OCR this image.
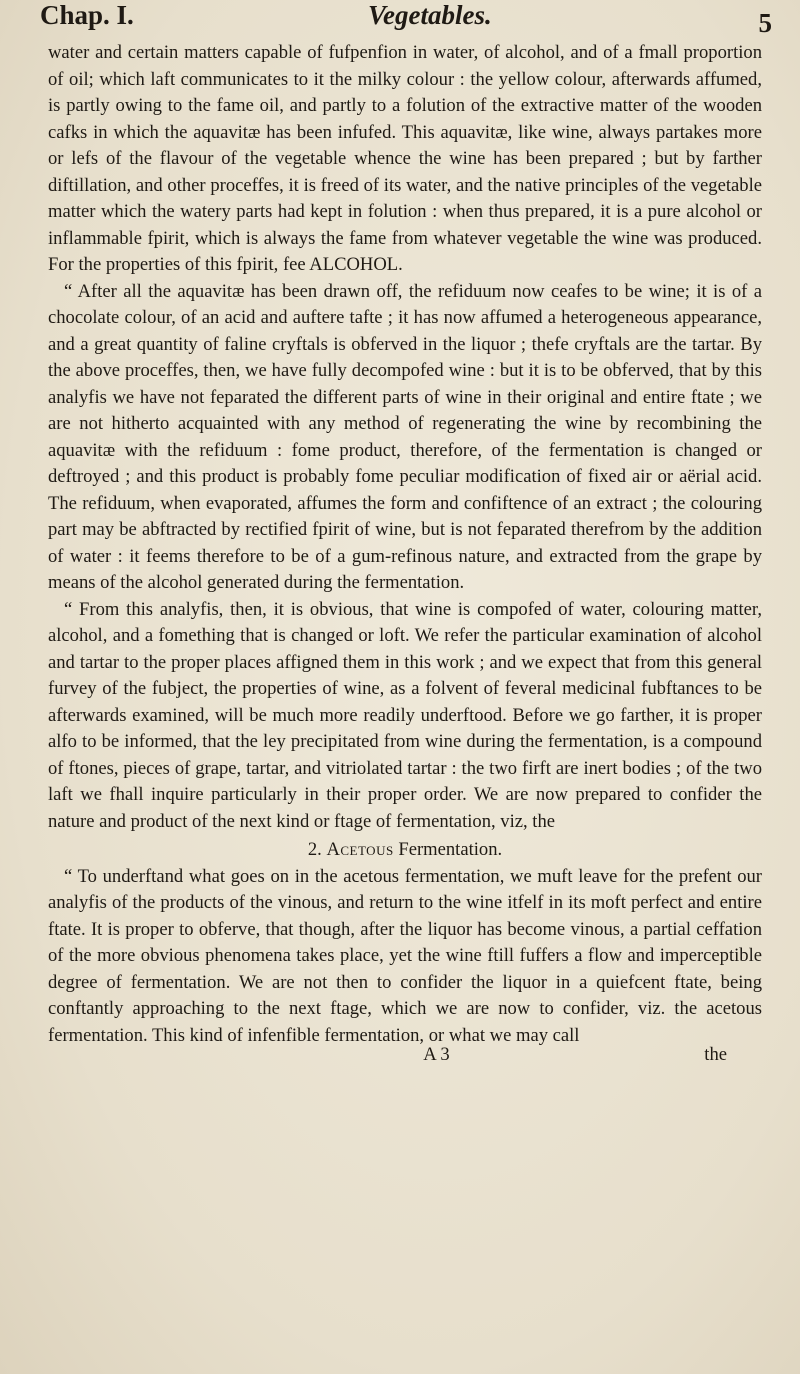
Chap. I.	Vegetables.	5

water and certain matters capable of fufpenfion in water, of alcohol, and of a fmall proportion of oil; which laft communicates to it the milky colour : the yellow colour, afterwards affumed, is partly owing to the fame oil, and partly to a folution of the extractive matter of the wooden cafks in which the aquavitæ has been infufed. This aquavitæ, like wine, always partakes more or lefs of the flavour of the vegetable whence the wine has been prepared ; but by farther diftillation, and other proceffes, it is freed of its water, and the native principles of the vegetable matter which the watery parts had kept in folution : when thus prepared, it is a pure alcohol or inflammable fpirit, which is always the fame from whatever vegetable the wine was produced. For the properties of this fpirit, fee ALCOHOL.

“ After all the aquavitæ has been drawn off, the refiduum now ceafes to be wine; it is of a chocolate colour, of an acid and auftere tafte ; it has now affumed a heterogeneous appearance, and a great quantity of faline cryftals is obferved in the liquor ; thefe cryftals are the tartar. By the above proceffes, then, we have fully decompofed wine : but it is to be obferved, that by this analyfis we have not feparated the different parts of wine in their original and entire ftate ; we are not hitherto acquainted with any method of regenerating the wine by recombining the aquavitæ with the refiduum : fome product, therefore, of the fermentation is changed or deftroyed ; and this product is probably fome peculiar modification of fixed air or aërial acid. The refiduum, when evaporated, affumes the form and confiftence of an extract ; the colouring part may be abftracted by rectified fpirit of wine, but is not feparated therefrom by the addition of water : it feems therefore to be of a gum-refinous nature, and extracted from the grape by means of the alcohol generated during the fermentation.

“ From this analyfis, then, it is obvious, that wine is compofed of water, colouring matter, alcohol, and a fomething that is changed or loft. We refer the particular examination of alcohol and tartar to the proper places affigned them in this work ; and we expect that from this general furvey of the fubject, the properties of wine, as a folvent of feveral medicinal fubftances to be afterwards examined, will be much more readily underftood. Before we go farther, it is proper alfo to be informed, that the ley precipitated from wine during the fermentation, is a compound of ftones, pieces of grape, tartar, and vitriolated tartar : the two firft are inert bodies ; of the two laft we fhall inquire particularly in their proper order. We are now prepared to confider the nature and product of the next kind or ftage of fermentation, viz, the

2. Acetous Fermentation.

“ To underftand what goes on in the acetous fermentation, we muft leave for the prefent our analyfis of the products of the vinous, and return to the wine itfelf in its moft perfect and entire ftate. It is proper to obferve, that though, after the liquor has become vinous, a partial ceffation of the more obvious phenomena takes place, yet the wine ftill fuffers a flow and imperceptible degree of fermentation. We are not then to confider the liquor in a quiefcent ftate, being conftantly approaching to the next ftage, which we are now to confider, viz. the acetous fermentation. This kind of infenfible fermentation, or what we may call

A 3	the
